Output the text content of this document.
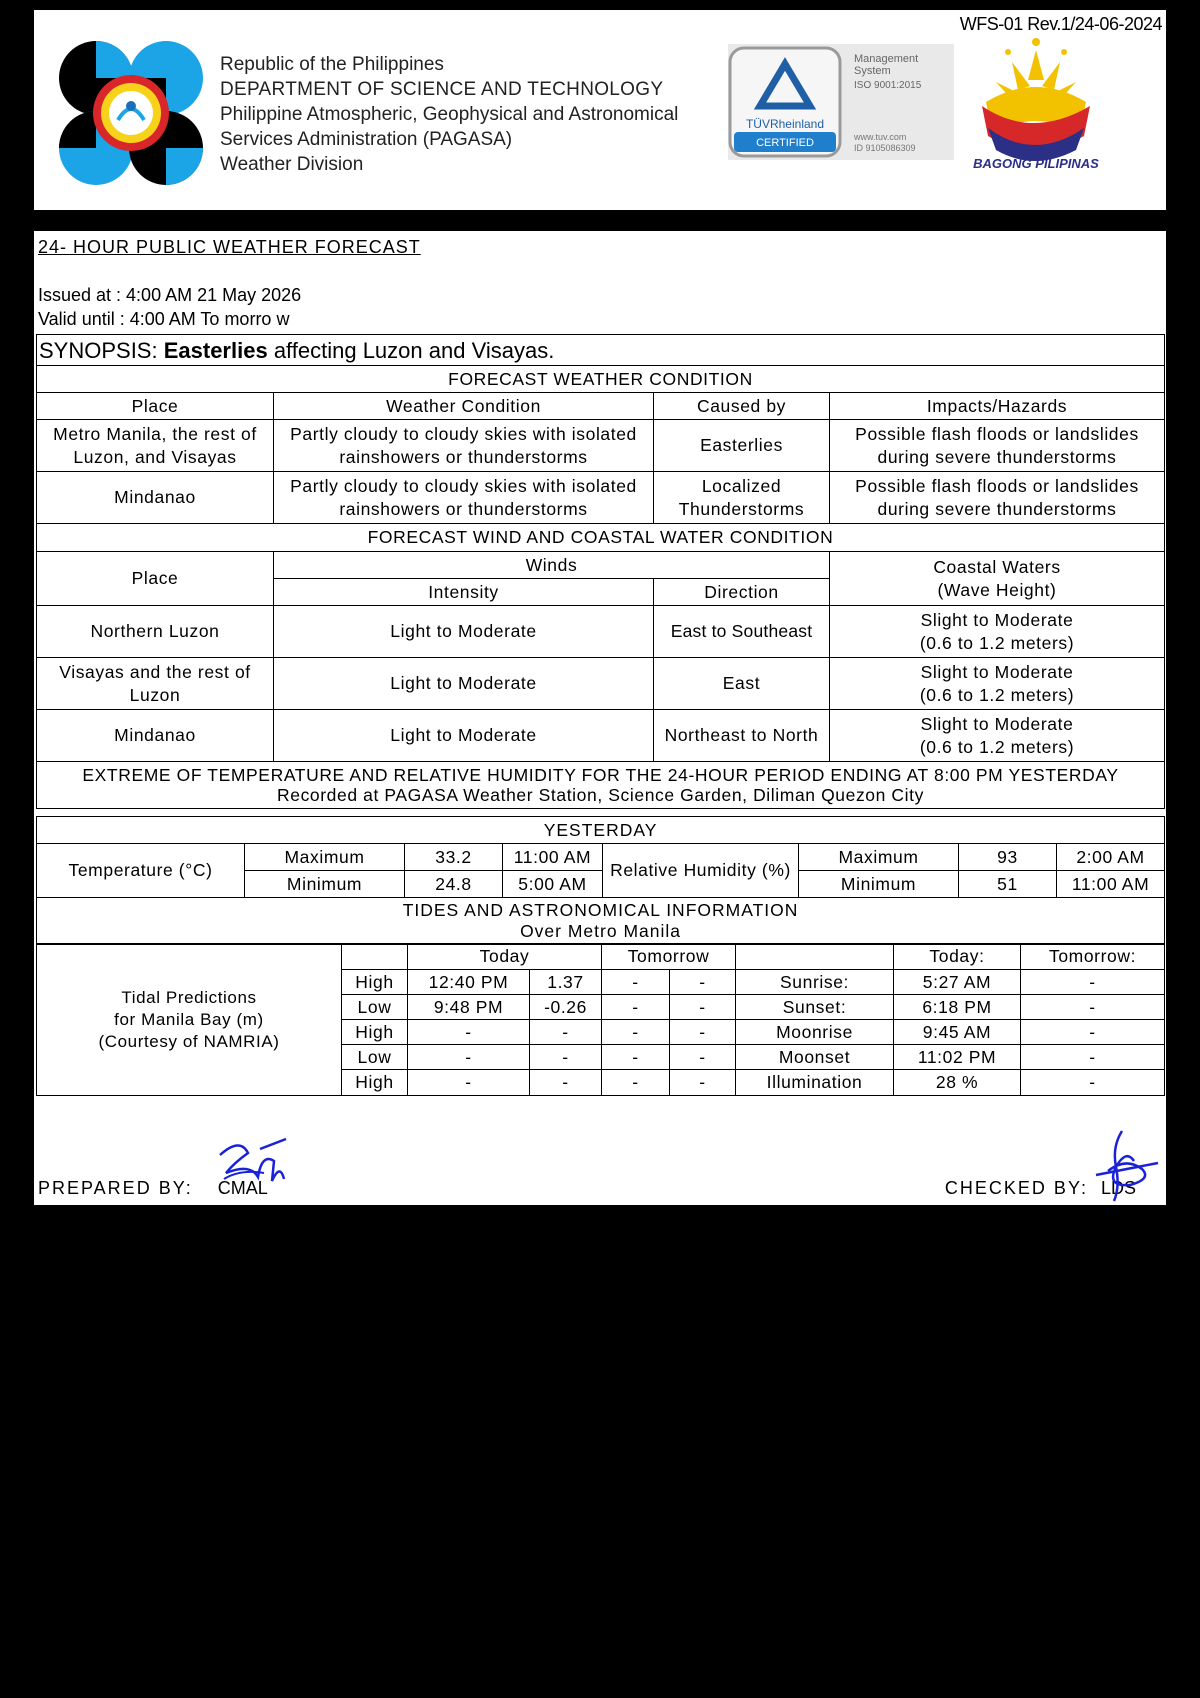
WFS-01 Rev.1/24-06-2024
Republic of the Philippines
DEPARTMENT OF SCIENCE AND TECHNOLOGY
Philippine Atmospheric, Geophysical and Astronomical
Services Administration (PAGASA)
Weather Division
TÜVRheinland
CERTIFIED
Management
System
ISO 9001:2015
www.tuv.com
ID 9105086309
BAGONG PILIPINAS
24- HOUR PUBLIC WEATHER FORECAST
Issued at : 4:00 AM 21 May 2026
Valid until : 4:00 AM To morro w
SYNOPSIS: Easterlies affecting Luzon and Visayas.			
FORECAST WEATHER CONDITION			
Place	Weather Condition	Caused by	Impacts/Hazards
Metro Manila, the rest of Luzon, and Visayas	Partly cloudy to cloudy skies with isolated rainshowers or thunderstorms	Easterlies	Possible flash floods or landslides during severe thunderstorms
Mindanao	Partly cloudy to cloudy skies with isolated rainshowers or thunderstorms	Localized Thunderstorms	Possible flash floods or landslides during severe thunderstorms
FORECAST WIND AND COASTAL WATER CONDITION			
Place	Winds		Coastal Waters
(Wave Height)

	Intensity	Direction	
Northern Luzon	Light to Moderate	East to Southeast	Slight to Moderate
(0.6 to 1.2 meters)

Visayas and the rest of Luzon	Light to Moderate	East	Slight to Moderate
(0.6 to 1.2 meters)

Mindanao	Light to Moderate	Northeast to North	Slight to Moderate
(0.6 to 1.2 meters)

EXTREME OF TEMPERATURE AND RELATIVE HUMIDITY FOR THE 24-HOUR PERIOD ENDING AT 8:00 PM YESTERDAY
Recorded at PAGASA Weather Station, Science Garden, Diliman Quezon City			
YESTERDAY							
Temperature (°C)	Maximum	33.2	11:00 AM	Relative Humidity (%)	Maximum	93	2:00 AM
	Minimum	24.8	5:00 AM		Minimum	51	11:00 AM

TIDES AND ASTRONOMICAL INFORMATION
Over Metro Manila							
Tidal Predictions
for Manila Bay (m)
(Courtesy of NAMRIA)		Today		Tomorrow			Today:	Tomorrow:
	High	12:40 PM	1.37	-	-	Sunrise:	5:27 AM	-
	Low	9:48 PM	-0.26	-	-	Sunset:	6:18 PM	-
	High	-	-	-	-	Moonrise	9:45 AM	-
	Low	-	-	-	-	Moonset	11:02 PM	-
	High	-	-	-	-	Illumination	28 %	-
PREPARED BY: CMAL	CHECKED BY: LDS
